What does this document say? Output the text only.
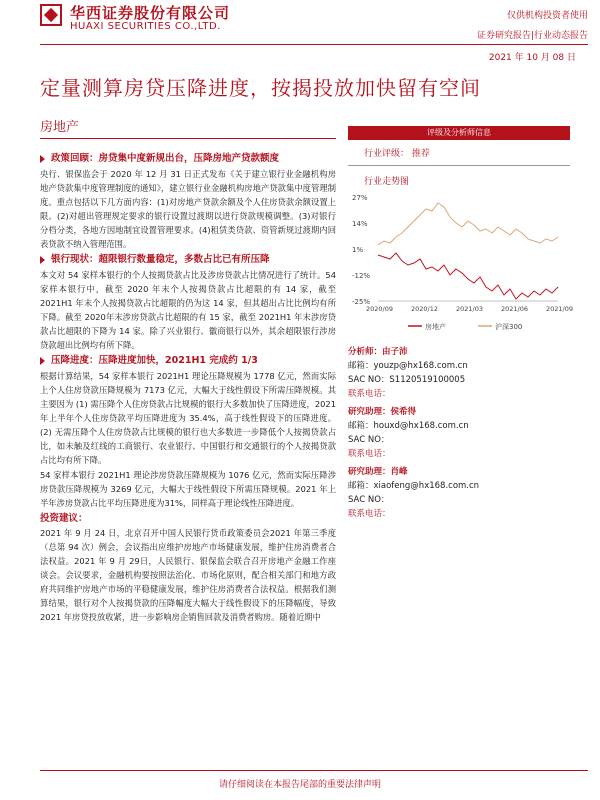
华西证券股份有限公司
HUAXI SECURITIES CO.,LTD.
仅供机构投资者使用
证券研究报告|行业动态报告
2021 年 10 月 08 日
定量测算房贷压降进度，按揭投放加快留有空间
房地产
政策回顾：房贷集中度新规出台，压降房地产贷款额度
央行、银保监会于 2020 年 12 月 31 日正式发布《关于建立银行业金融机构房地产贷款集中度管理制度的通知》，建立银行业金融机构房地产贷款集中度管理制度。重点包括以下几方面内容：(1)对房地产贷款余额及个人住房贷款余额设置上限。(2)对超出管理规定要求的银行设置过渡期以进行贷款规模调整。(3)对银行分档分类，各地方因地制宜设置管理要求。(4)租赁类贷款、资管新规过渡期内回表贷款不纳入管理范围。
银行现状：超限银行数量稳定，多数占比已有所压降
本文对 54 家样本银行的个人按揭贷款占比及涉房贷款占比情况进行了统计。54 家样本银行中，截至 2020 年末个人按揭贷款占比超限的有 14 家，截至 2021H1 年末个人按揭贷款占比超限的仍为这 14 家，但其超出占比比例均有所下降。截至 2020年末涉房贷款占比超限的有 15 家，截至 2021H1 年末涉房贷款占比超限的下降为 14 家。除了兴业银行、徽商银行以外，其余超限银行涉房贷款超出比例均有所下降。
压降进度：压降进度加快，2021H1 完成约 1/3
根据计算结果，54 家样本银行 2021H1 理论压降规模为 1778 亿元，然而实际上个人住房贷款压降规模为 7173 亿元，大幅大于线性假设下所需压降规模。其主要因为 (1) 需压降个人住房贷款占比规模的银行大多数加快了压降进度，2021 年上半年个人住房贷款平均压降进度为 35.4%，高于线性假设下的压降进度。(2) 无需压降个人住房贷款占比规模的银行也大多数进一步降低个人按揭贷款占比，如未触及红线的工商银行、农业银行、中国银行和交通银行的个人按揭贷款占比均有所下降。
54 家样本银行 2021H1 理论涉房贷款压降规模为 1076 亿元，然而实际压降涉房贷款压降规模为 3269 亿元，大幅大于线性假设下所需压降规模。2021 年上半年涉房贷款占比平均压降进度为31%，同样高于理论线性压降进度。
投资建议：
2021 年 9 月 24 日，北京召开中国人民银行货币政策委员会2021 年第三季度（总第 94 次）例会，会议指出应维护房地产市场健康发展，维护住房消费者合法权益。2021 年 9 月 29日，人民银行、银保监会联合召开房地产金融工作座谈会。会议要求，金融机构要按照法治化、市场化原则，配合相关部门和地方政府共同维护房地产市场的平稳健康发展，维护住房消费者合法权益。根据我们测算结果，银行对个人按揭贷款的压降幅度大幅大于线性假设下的压降幅度，导致 2021 年房贷投放收紧，进一步影响房企销售回款及消费者购房。随着近期中
评级及分析师信息
行业评级： 推荐
行业走势图
27%
14%
1%
-12%
-25%
2020/09	2020/12	2021/03	2021/06	2021/09
房地产	沪深300
分析师：由子沛
邮箱：youzp@hx168.com.cn
SAC NO：S1120519100005
联系电话：
研究助理：侯希得
邮箱：houxd@hx168.com.cn
SAC NO：
联系电话：
研究助理：肖峰
邮箱：xiaofeng@hx168.com.cn
SAC NO：
联系电话：
请仔细阅读在本报告尾部的重要法律声明
